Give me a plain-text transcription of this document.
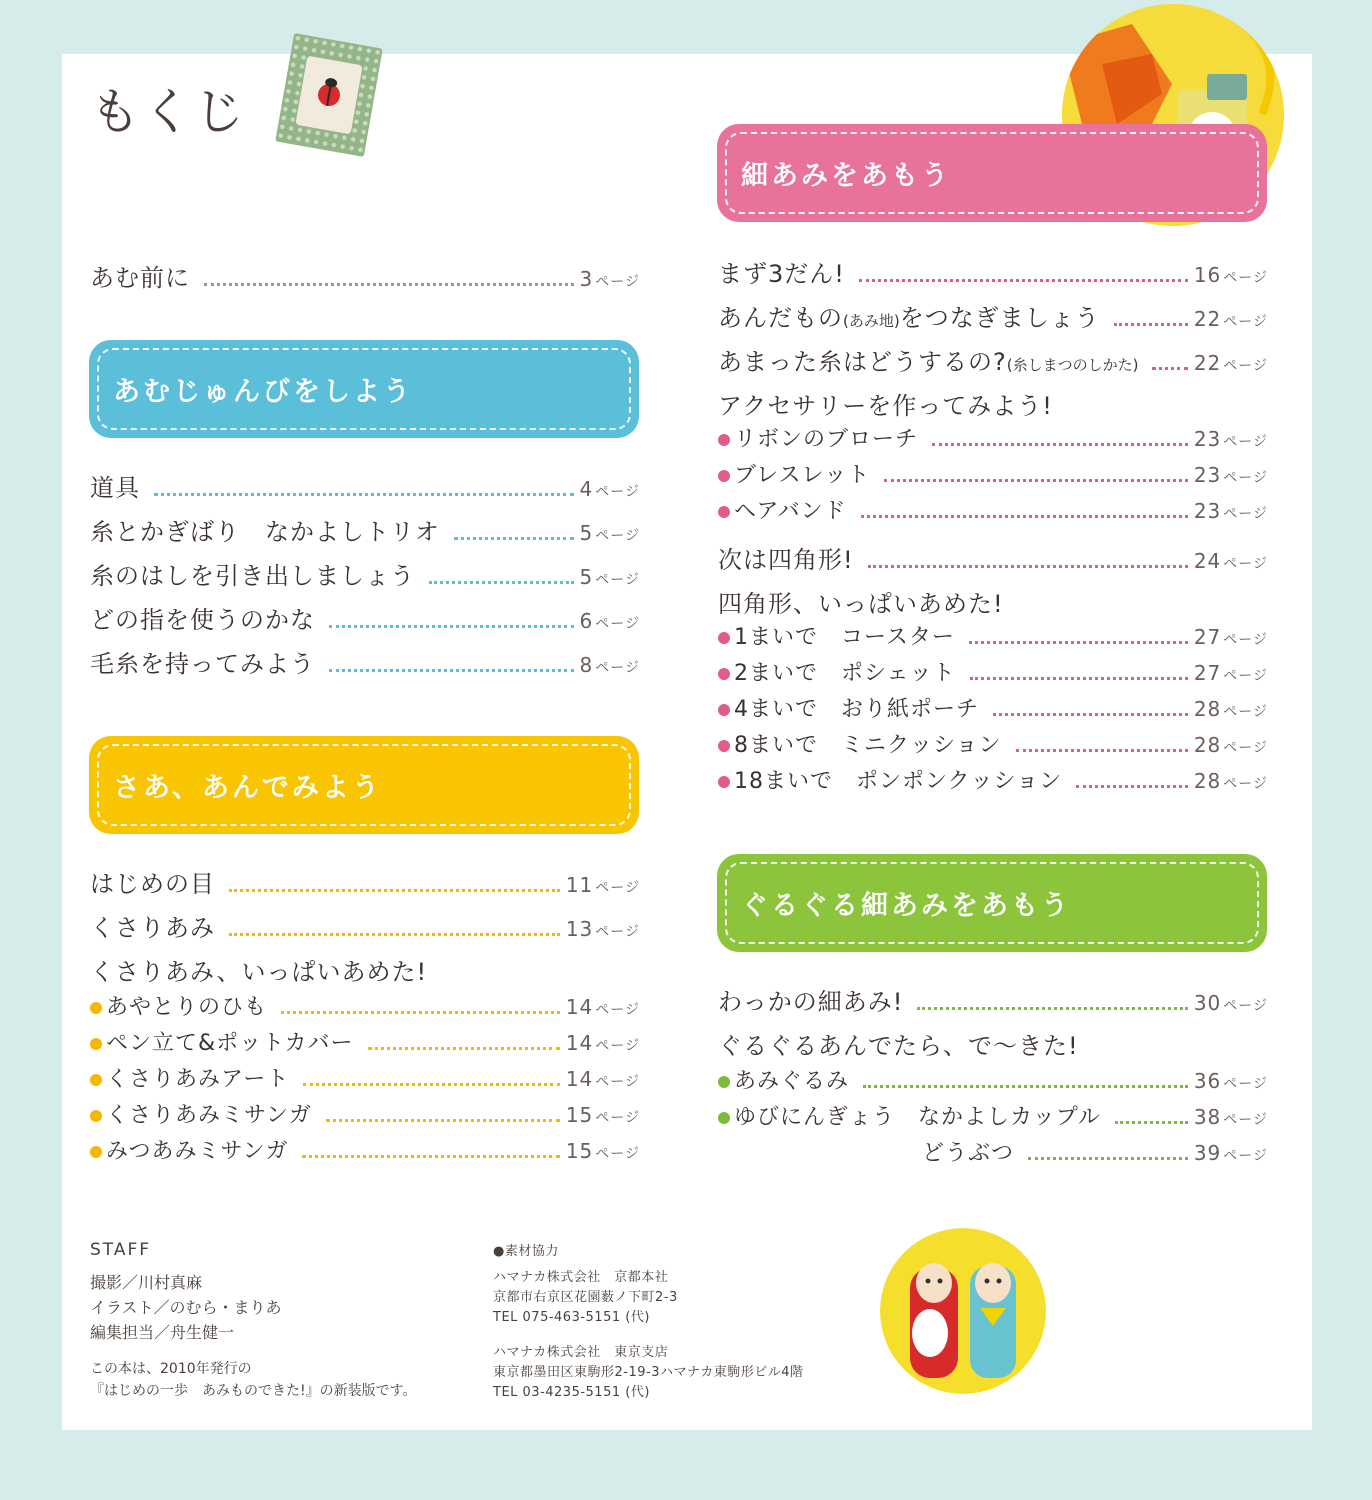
もくじ
あむ前に	3 ページ
あむじゅんびをしよう
道具	4 ページ
糸とかぎばり　なかよしトリオ	5 ページ
糸のはしを引き出しましょう	5 ページ
どの指を使うのかな	6 ページ
毛糸を持ってみよう	8 ページ
さあ、あんでみよう
はじめの目	11 ページ
くさりあみ	13 ページ
くさりあみ、いっぱいあめた!
あやとりのひも	14 ページ
ペン立て&ポットカバー	14 ページ
くさりあみアート	14 ページ
くさりあみミサンガ	15 ページ
みつあみミサンガ	15 ページ
細あみをあもう
まず3だん!	16 ページ
あんだもの(あみ地)をつなぎましょう	22 ページ
あまった糸はどうするの?(糸しまつのしかた)	22 ページ
アクセサリーを作ってみよう!
リボンのブローチ	23 ページ
ブレスレット	23 ページ
ヘアバンド	23 ページ
次は四角形!	24 ページ
四角形、いっぱいあめた!
1まいで　コースター	27 ページ
2まいで　ポシェット	27 ページ
4まいで　おり紙ポーチ	28 ページ
8まいで　ミニクッション	28 ページ
18まいで　ポンポンクッション	28 ページ
ぐるぐる細あみをあもう
わっかの細あみ!	30 ページ
ぐるぐるあんでたら、で〜きた!
あみぐるみ	36 ページ
ゆびにんぎょう　なかよしカップル	38 ページ
どうぶつ	39 ページ
STAFF
撮影／川村真麻
イラスト／のむら・まりあ
編集担当／舟生健一
この本は、2010年発行の
『はじめの一歩　あみものできた!』の新装版です。
●素材協力
ハマナカ株式会社　京都本社
京都市右京区花園薮ノ下町2-3
TEL 075-463-5151 (代)
ハマナカ株式会社　東京支店
東京都墨田区東駒形2-19-3ハマナカ東駒形ビル4階
TEL 03-4235-5151 (代)
